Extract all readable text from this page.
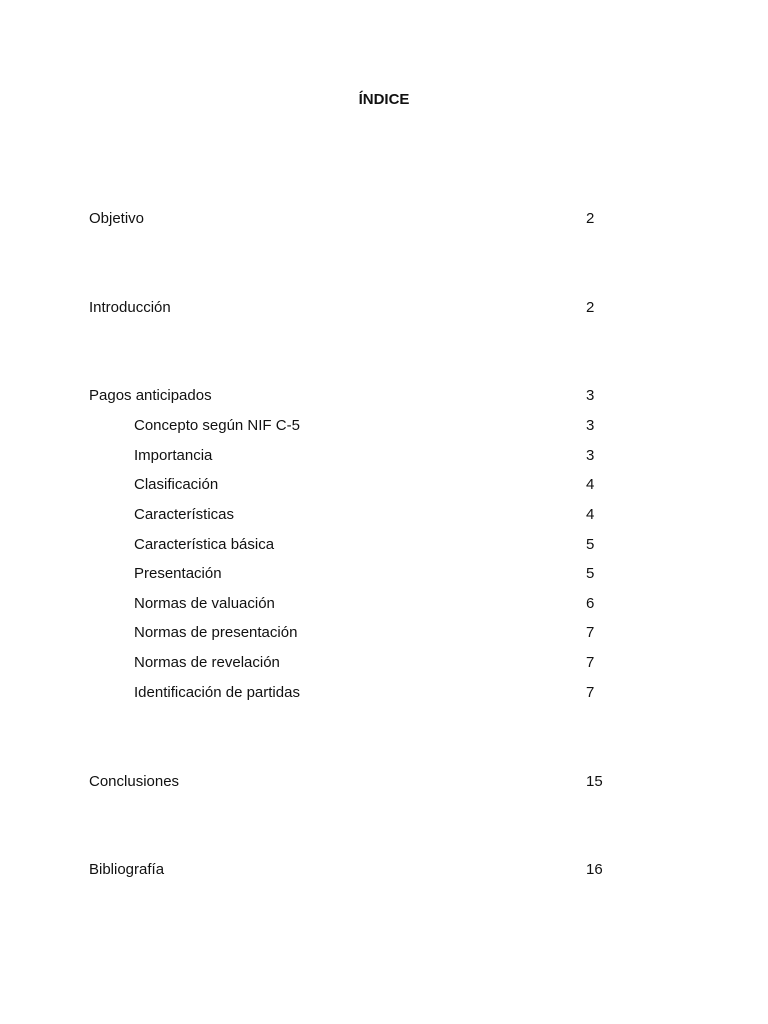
ÍNDICE
Objetivo	2
Introducción	2
Pagos anticipados	3
Concepto según NIF C-5	3
Importancia	3
Clasificación	4
Características	4
Característica básica	5
Presentación	5
Normas de valuación	6
Normas de presentación	7
Normas de revelación	7
Identificación de partidas	7
Conclusiones	15
Bibliografía	16
